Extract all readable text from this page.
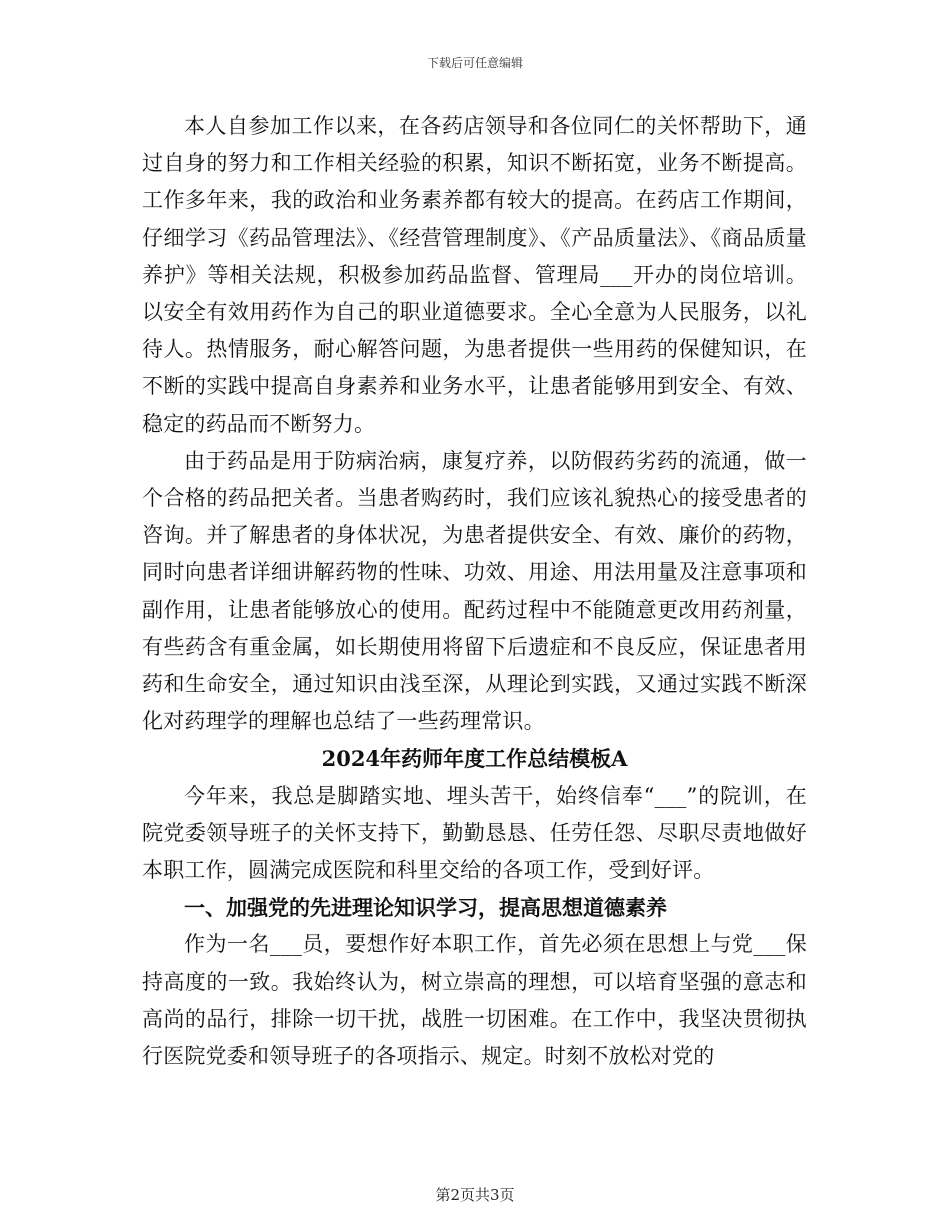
下载后可任意编辑

本人自参加工作以来，在各药店领导和各位同仁的关怀帮助下，通过自身的努力和工作相关经验的积累，知识不断拓宽，业务不断提高。工作多年来，我的政治和业务素养都有较大的提高。在药店工作期间，仔细学习《药品管理法》、《经营管理制度》、《产品质量法》、《商品质量养护》等相关法规，积极参加药品监督、管理局___开办的岗位培训。以安全有效用药作为自己的职业道德要求。全心全意为人民服务，以礼待人。热情服务，耐心解答问题，为患者提供一些用药的保健知识，在不断的实践中提高自身素养和业务水平，让患者能够用到安全、有效、稳定的药品而不断努力。

由于药品是用于防病治病，康复疗养，以防假药劣药的流通，做一个合格的药品把关者。当患者购药时，我们应该礼貌热心的接受患者的咨询。并了解患者的身体状况，为患者提供安全、有效、廉价的药物，同时向患者详细讲解药物的性味、功效、用途、用法用量及注意事项和副作用，让患者能够放心的使用。配药过程中不能随意更改用药剂量，有些药含有重金属，如长期使用将留下后遗症和不良反应，保证患者用药和生命安全，通过知识由浅至深，从理论到实践，又通过实践不断深化对药理学的理解也总结了一些药理常识。

2024年药师年度工作总结模板A

今年来，我总是脚踏实地、埋头苦干，始终信奉“___”的院训，在院党委领导班子的关怀支持下，勤勤恳恳、任劳任怨、尽职尽责地做好本职工作，圆满完成医院和科里交给的各项工作，受到好评。

一、加强党的先进理论知识学习，提高思想道德素养

作为一名___员，要想作好本职工作，首先必须在思想上与党___保持高度的一致。我始终认为，树立崇高的理想，可以培育坚强的意志和高尚的品行，排除一切干扰，战胜一切困难。在工作中，我坚决贯彻执行医院党委和领导班子的各项指示、规定。时刻不放松对党的

第2页共3页
